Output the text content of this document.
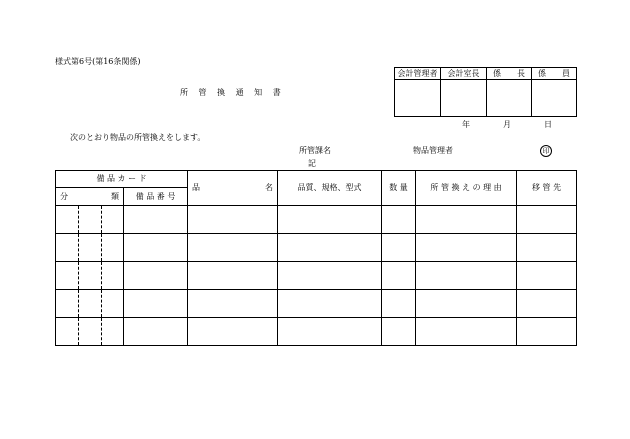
様式第6号(第16条関係)
所 管 換 通 知 書
会計管理者	会計室長	係　　長	係　　員

年	月	日
次のとおり物品の所管換えをします。
所管課名	物品管理者	印
記
備 品 カ ー ド				品 名	品質、規格、型式	数 量	所 管 換 え の 理 由	移 管 先

分 類			備 品 番 号					
